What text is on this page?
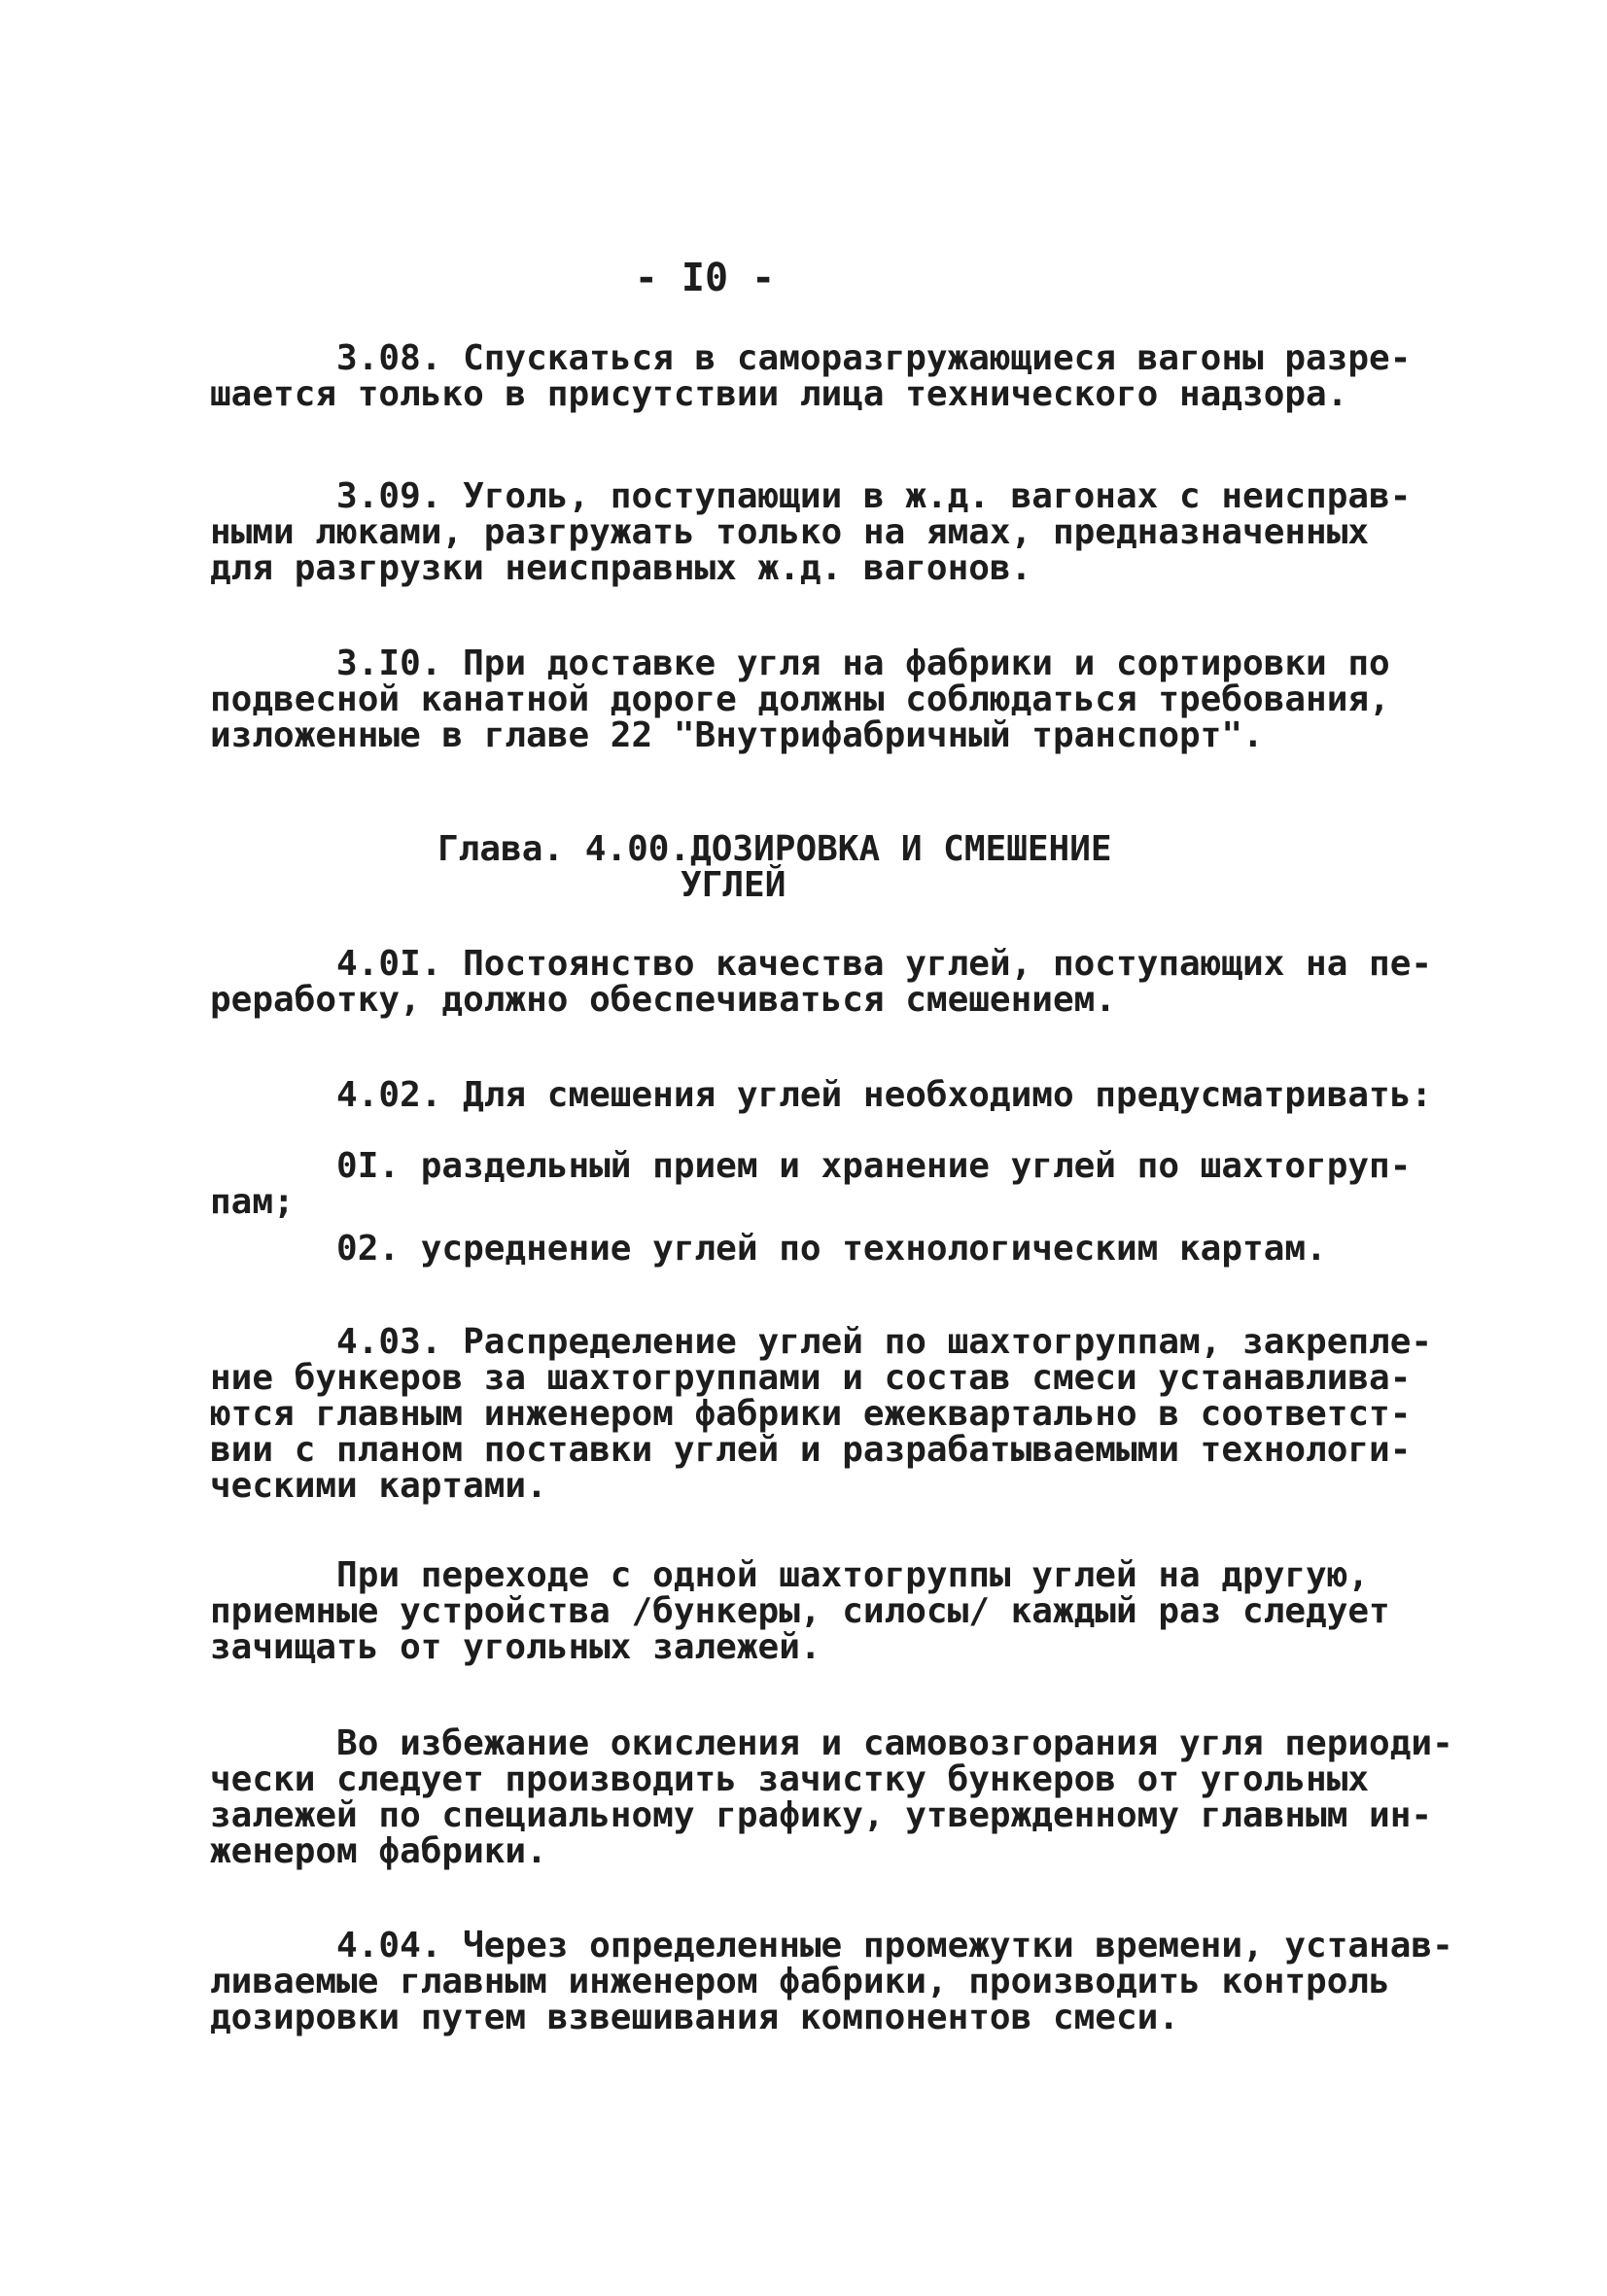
- I0 -
3.08. Спускаться в саморазгружающиеся вагоны разре-
шается только в присутствии лица технического надзора.
3.09. Уголь, поступающии в ж.д. вагонах с неисправ-
ными люками, разгружать только на ямах, предназначенных
для разгрузки неисправных ж.д. вагонов.
3.I0. При доставке угля на фабрики и сортировки по
подвесной канатной дороге должны соблюдаться требования,
изложенные в главе 22 "Внутрифабричный транспорт".
Глава. 4.00.ДОЗИРОВКА И СМЕШЕНИЕ
УГЛЕЙ
4.0I. Постоянство качества углей, поступающих на пе-
реработку, должно обеспечиваться смешением.
4.02. Для смешения углей необходимо предусматривать:
0I. раздельный прием и хранение углей по шахтогруп-
пам;
02. усреднение углей по технологическим картам.
4.03. Распределение углей по шахтогруппам, закрепле-
ние бункеров за шахтогруппами и состав смеси устанавлива-
ются главным инженером фабрики ежеквартально в соответст-
вии с планом поставки углей и разрабатываемыми технологи-
ческими картами.
При переходе с одной шахтогруппы углей на другую,
приемные устройства /бункеры, силосы/ каждый раз следует
зачищать от угольных залежей.
Во избежание окисления и самовозгорания угля периоди-
чески следует производить зачистку бункеров от угольных
залежей по специальному графику, утвержденному главным ин-
женером фабрики.
4.04. Через определенные промежутки времени, устанав-
ливаемые главным инженером фабрики, производить контроль
дозировки путем взвешивания компонентов смеси.
